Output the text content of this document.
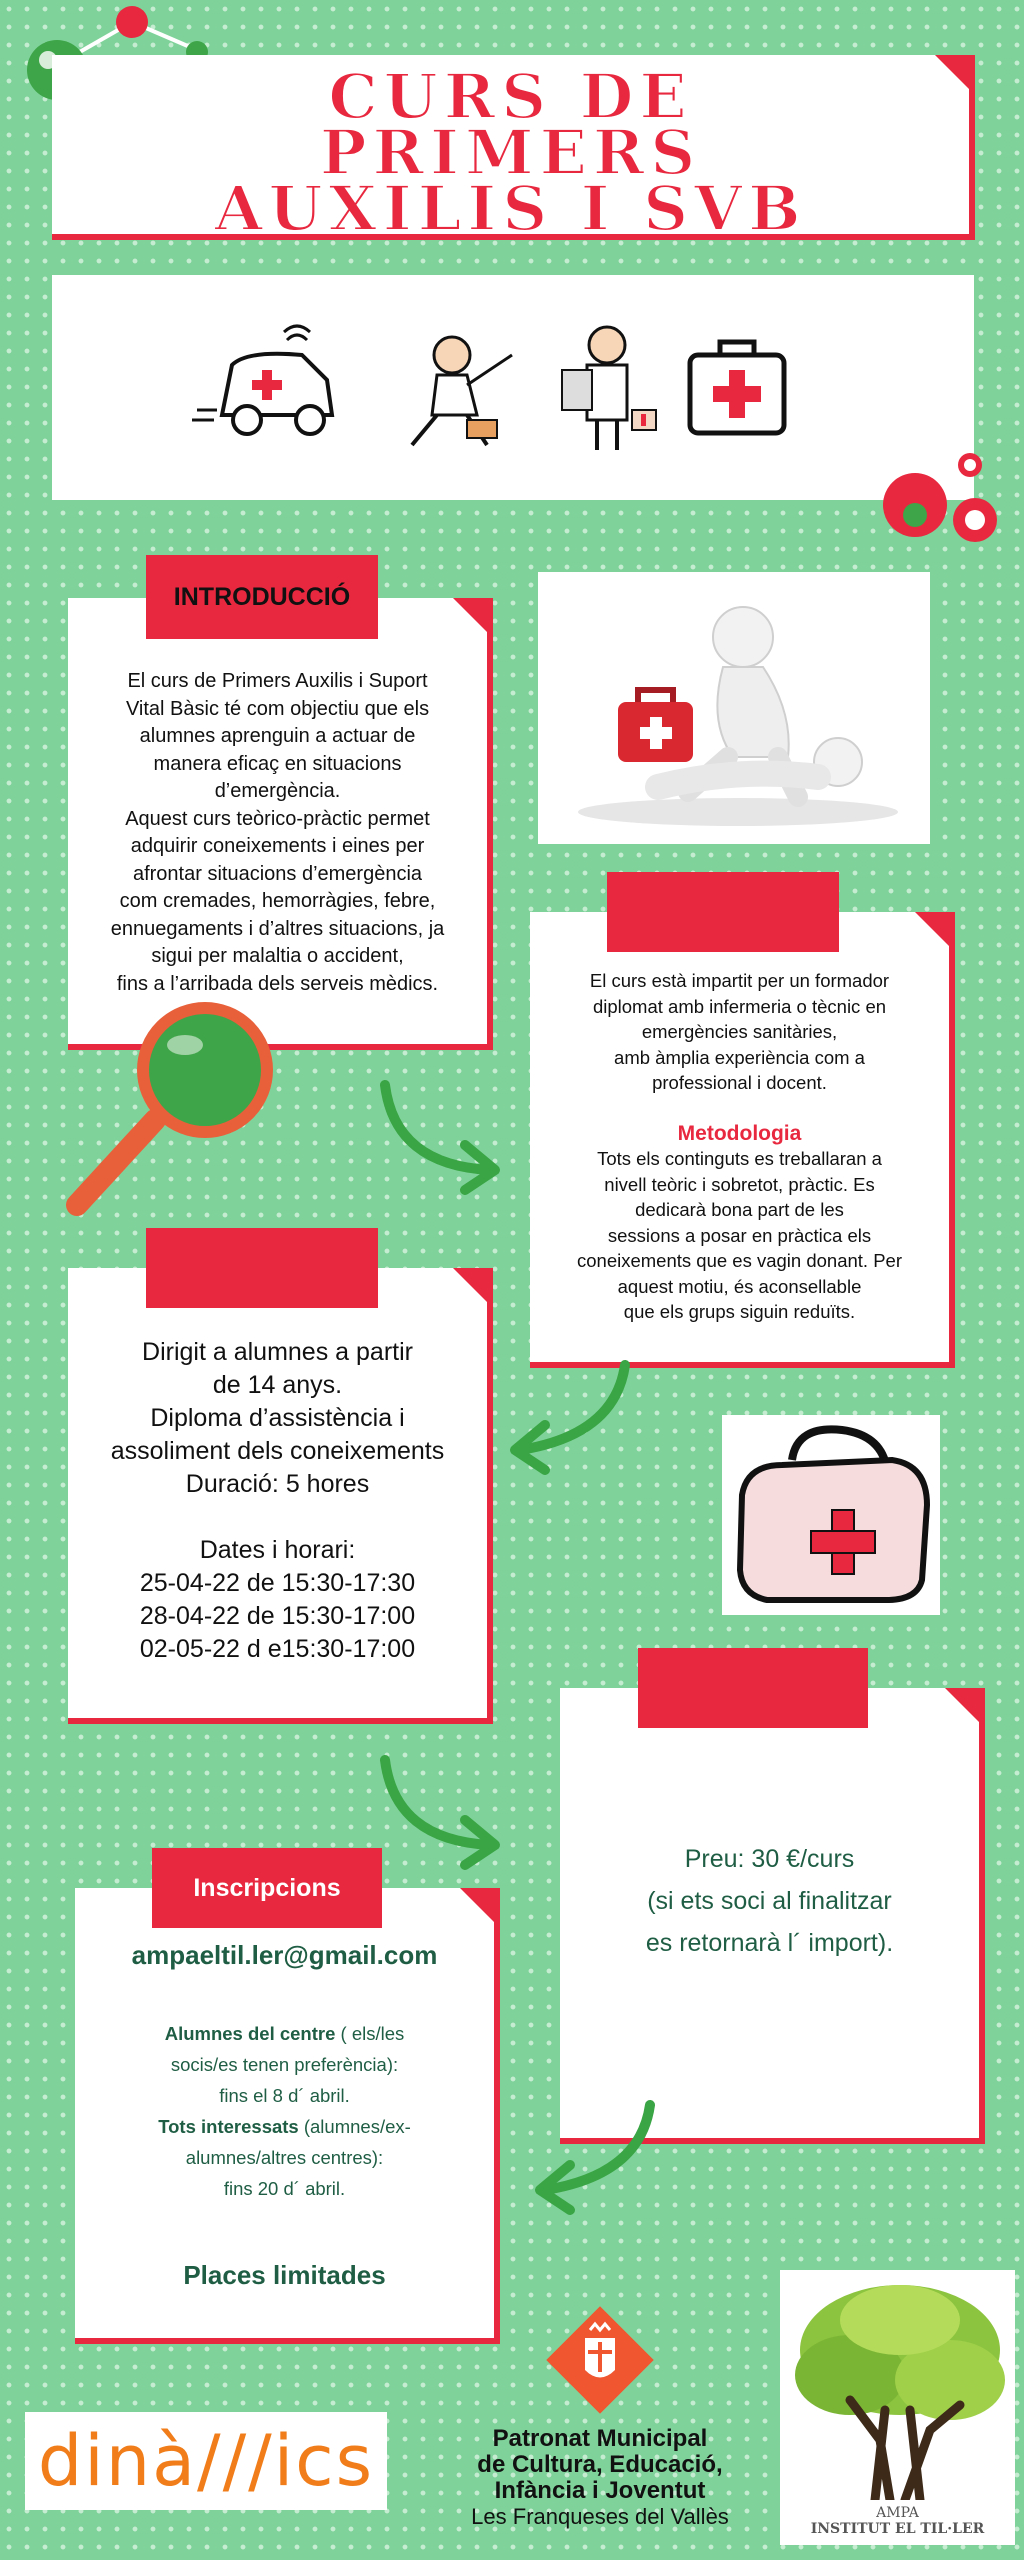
CURS DE
PRIMERS
AUXILIS I SVB
El curs de Primers Auxilis i Suport
Vital Bàsic té com objectiu que els
alumnes aprenguin a actuar de
manera eficaç en situacions
d’emergència.
Aquest curs teòrico-pràctic permet
adquirir coneixements i eines per
afrontar situacions d’emergència
com cremades, hemorràgies, febre,
ennuegaments i d’altres situacions, ja
sigui per malaltia o accident,
fins a l’arribada dels serveis mèdics.
INTRODUCCIÓ
El curs està impartit per un formador
diplomat amb infermeria o tècnic en
emergències sanitàries,
amb àmplia experiència com a
professional i docent.
Metodologia
Tots els continguts es treballaran a
nivell teòric i sobretot, pràctic. Es
dedicarà bona part de les
sessions a posar en pràctica els
coneixements que es vagin donant. Per
aquest motiu, és aconsellable
que els grups siguin reduïts.
Dirigit a alumnes a partir
de 14 anys.
Diploma d’assistència i
assoliment dels coneixements
Duració: 5 hores
Dates i horari:
25-04-22 de 15:30-17:30
28-04-22 de 15:30-17:00
02-05-22 d e15:30-17:00
Preu: 30 €/curs
(si ets soci al finalitzar
es retornarà l´ import).
ampaeltil.ler@gmail.com
Alumnes del centre ( els/les
socis/es tenen preferència):
fins el 8 d´ abril.
Tots interessats (alumnes/ex-
alumnes/altres centres):
fins 20 d´ abril.
Places limitades
Inscripcions
dinà///ics	Patronat Municipal
de Cultura, Educació,
Infància i Joventut
Les Franqueses del Vallès	AMPA
INSTITUT EL TIL·LER
